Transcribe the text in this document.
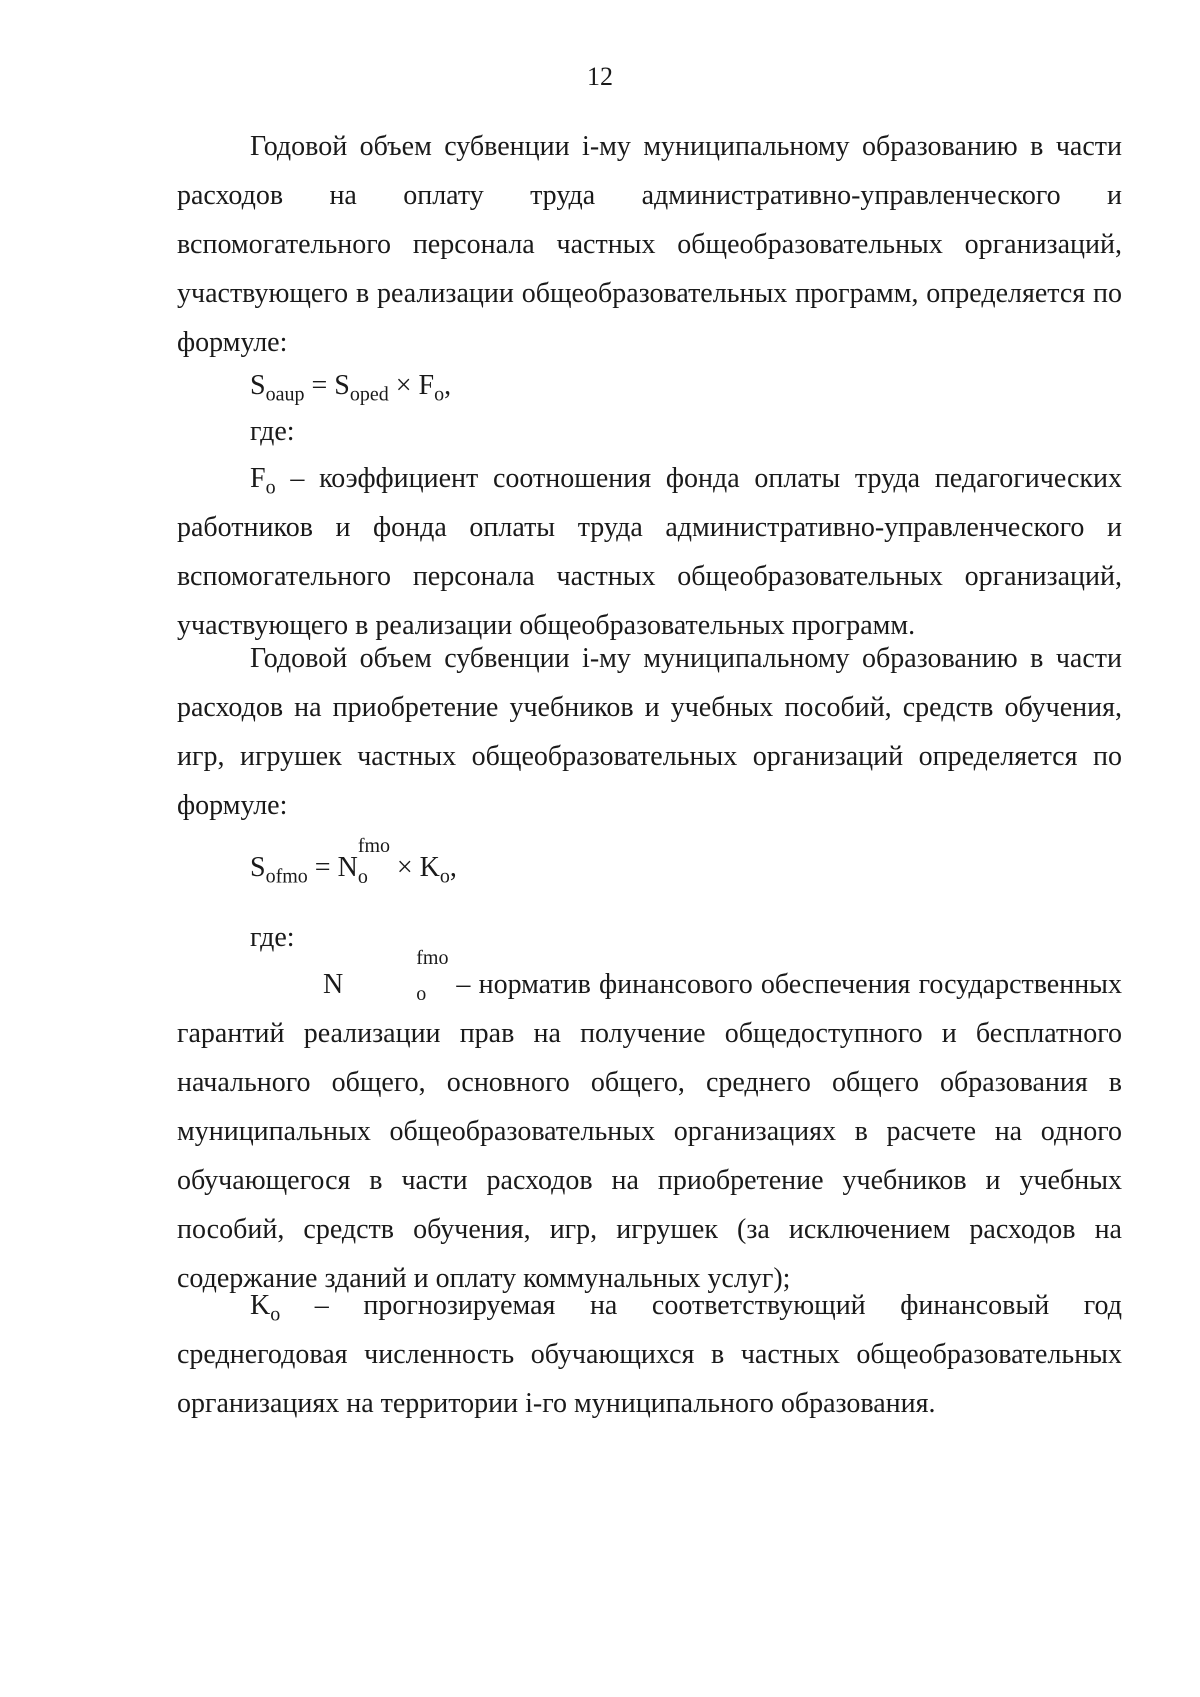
12

Годовой объем субвенции i-му муниципальному образованию в части расходов на оплату труда административно-управленческого и вспомогательного персонала частных общеобразовательных организаций, участвующего в реализации общеобразовательных программ, определяется по формуле:

$S_{oaup} = S_{oped} \times F_o$,
где:

$F_o$ – коэффициент соотношения фонда оплаты труда педагогических работников и фонда оплаты труда административно-управленческого и вспомогательного персонала частных общеобразовательных организаций, участвующего в реализации общеобразовательных программ.

Годовой объем субвенции i-му муниципальному образованию в части расходов на приобретение учебников и учебных пособий, средств обучения, игр, игрушек частных общеобразовательных организаций определяется по формуле:

$S_{ofmo} = N$
fmo
$_o \times K_o$,
где:

N
fmo
$_o$ – норматив финансового обеспечения государственных гарантий реализации прав на получение общедоступного и бесплатного начального общего, основного общего, среднего общего образования в муниципальных общеобразовательных организациях в расчете на одного обучающегося в части расходов на приобретение учебников и учебных пособий, средств обучения, игр, игрушек (за исключением расходов на содержание зданий и оплату коммунальных услуг);

$K_o$ – прогнозируемая на соответствующий финансовый год среднегодовая численность обучающихся в частных общеобразовательных организациях на территории i-го муниципального образования.
